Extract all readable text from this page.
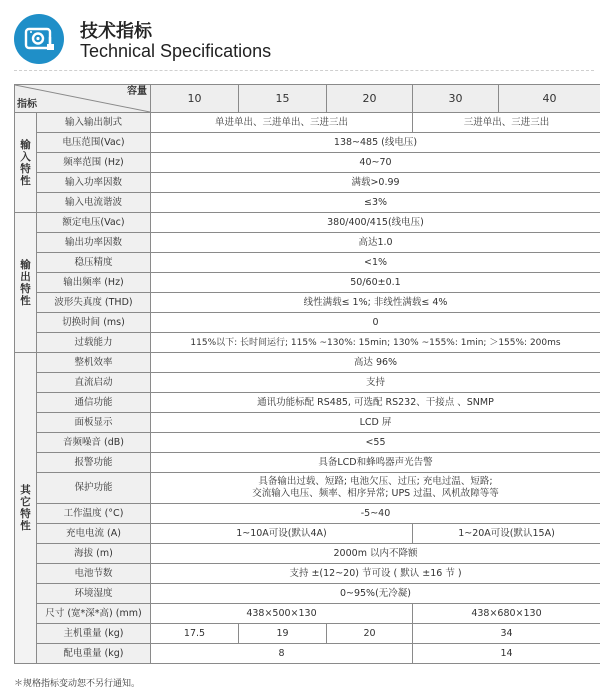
技术指标
Technical Specifications
容量
指标		10	15	20	30	40

输
入
特
性	输入输出制式	单进单出、三进单出、三进三出			三进单出、三进三出	
	电压范围(Vac)	138~485 (线电压)				
	频率范围 (Hz)	40~70				
	输入功率因数	满载>0.99				
	输入电流谐波	≤3%				

输
出
特
性	额定电压(Vac)	380/400/415(线电压)				
	输出功率因数	高达1.0				
	稳压精度	<1%				
	输出频率 (Hz)	50/60±0.1				
	波形失真度 (THD)	线性满载≤ 1%; 非线性满载≤ 4%				
	切换时间 (ms)	0				
	过载能力	115%以下: 长时间运行; 115% ~130%: 15min; 130% ~155%: 1min; ＞155%: 200ms				

其
它
特
性	整机效率	高达 96%				
	直流启动	支持				
	通信功能	通讯功能标配 RS485, 可选配 RS232、干接点 、SNMP				
	面板显示	LCD 屏				
	音频噪音 (dB)	<55				
	报警功能	具备LCD和蜂鸣器声光告警				
	保护功能	具备输出过载、短路; 电池欠压、过压; 充电过温、短路;
交流输入电压、频率、相序异常; UPS 过温、风机故障等等				

	工作温度 (°C)	-5~40				
	充电电流 (A)	1~10A可设(默认4A)			1~20A可设(默认15A)	
	海拔 (m)	2000m 以内不降额				
	电池节数	支持 ±(12~20) 节可设 ( 默认 ±16 节 )				
	环境湿度	0~95%(无冷凝)				
	尺寸 (宽*深*高) (mm)	438×500×130			438×680×130	
	主机重量 (kg)	17.5	19	20	34	
	配电重量 (kg)	8			14	
＊规格指标变动恕不另行通知。
